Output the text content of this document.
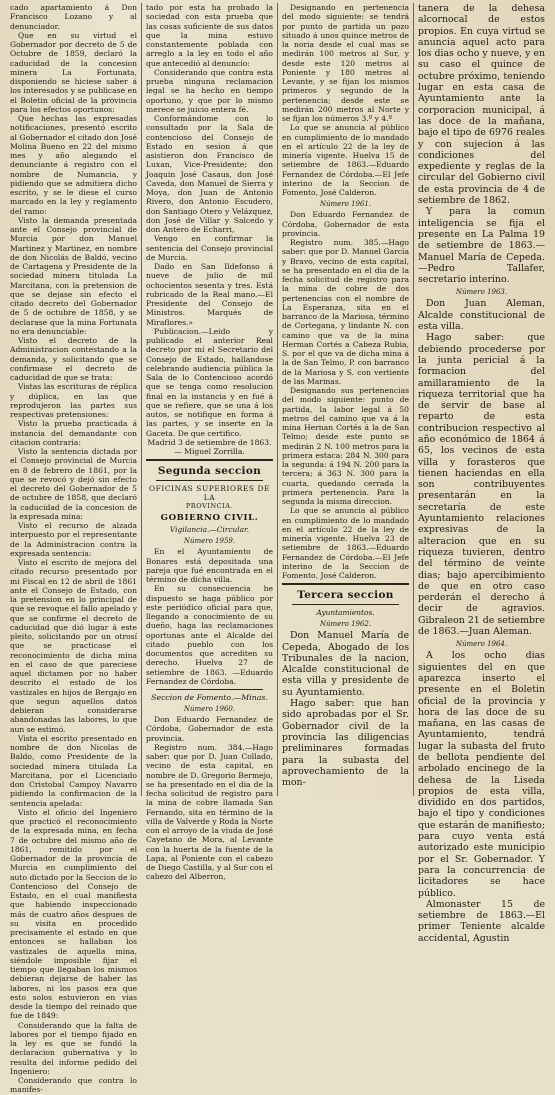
cado apartamiento á Don Francisco Lozano y al denunciador.

Que en su virtud el Gobernador por decreto de 5 de Octubre de 1859, declaró la caducidad de la concesion minera La Fortunata, disponiendo se hiciese saber á los interesados y se publicase en el Boletin oficial de la provincia para los efectos oportunos:

Que hechas las expresadas notificaciones, presentó escrito al Gobernador el citado don José Molina Bueno en 22 del mismo mes y año alegando el denunciante á registro con el nombre de Numancia, y pidiendo que se admitiera dicho escrito, y se le diese el curso marcado en la ley y reglamento del ramo:

Visto la demanda presentada ante el Consejo provincial de Murcia por don Manuel Martinez y Martinez, en nombre de don Nicolás de Baldó, vecino de Cartagena y Presidente de la sociedad minera titulada La Marcitana, con la pretension de que se dejase sin efecto el citado decreto del Gobernador de 5 de octubre de 1858, y se declarase que la mina Fortunata no era denunciable:

Visto el decreto de la Administracion contestando a la demanda, y solicitando que se confirmase el decreto de caducidad de que se trata:

Vistas las escrituras de réplica y dúplica, en las que reprodujeron las partes sus respectivas pretensiones:

Visto la prueba practicada á instancia del demandante con citacion contraria:

Visto la sentencia dictada por el Consejo provincial de Murcia en 8 de febrero de 1861, por la que se revocó y dejó sin efecto el decreto del Gobernador de 5 de octubre de 1858, que declaró la caducidad de la concesion de la expresada mina:

Visto el recurso de alzada interpuesto por el representante de la Administracion contra la expresada sentencia:

Visto el escrito de mejora del citado recurso presentado por mi Fiscal en 12 de abril de 1861 ante el Consejo de Estado, con la pretension en lo principal de que se revoque el fallo apelado y que se confirme el decreto de caducidad que dió lugar á este pleito, solicitando por un otrosí que se practicase el reconocimiento de dicha mina en el caso de que pareciese aquel dictamen por no haber descrito el estado de los vastizales en hijos de Bergajo en que segun aquellos datos debieran considerarse abandonadas las labores, lo que aun se estimó.

Vista el escrito presentado en nombre de don Nicolas de Baldo, como Presidente de la sociedad minera titulada La Marcitana, por el Licenciado don Cristobal Campoy Navarro pidiendo la confirmacion de la sentencia apelada:

Visto el oficio del Ingeniero que practicó el reconocimiento de la expresada mina, en fecha 7 de octubre del mismo año de 1861, remitido por el Gobernador de la provincia de Murcia en cumplimiento del auto dictado por la Seccion de lo Contencioso del Consejo de Estado, en el cual manifiesta que habiendo inspeccionado más de cuatro años despues de su visita en procedido precisamente el estado en que entonces se hallaban los vastizales de aquella mina, siéndole imposible fijar el tiempo que llegaban los mismos debieran dejarse de haber las labores, ni los pasos era que esto solos estuvieron en vias desde la tiempo del reinado que fue de 1849:

Considerando que la falta de labores por el tiempo fijado en la ley es que se fundó la declaracion gubernativa y lo resulta del informe pedido del Ingeniero:

Considerando que contra lo manifes-

tado por esta ha probado la sociedad con esta prueba que las cosas suficiente de sus datos que la mina estuvo constantemente poblada con arreglo a la ley en todo el año que antecedió al denuncio:

Considerando que contra esta prueba ninguna reclamacion legal se ha hecho en tiempo oportuno, y que por lo mismo merece se juicio entera fé.

Conformándome con lo consultado por la Sala de contencioso del Consejo de Estado en sesion á que asistieron don Francisco de Luxan, Vice-Presidente; don Joaquin José Casaus, don José Caveda, don Manuel de Sierra y Moya, don Juan de Antonio Rivero, don Antonio Escudero, don Santiago Otero y Velázquez, don José de Villar y Salcedo y don Antero de Echarri,

Vengo en confirmar la sentencia del Consejo provincial de Murcia.

Dado en San Ildefonso á nueve de julio de mil ochocientos sesenta y tres. Está rubricado de la Real mano.—El Presidente del Consejo de Ministros. Marqués de Miraflores.»

Publicacion.—Leido y publicado el anterior Real decreto por mí el Secretario del Consejo de Estado, hallandose celebrando audiencia pública la Sala de lo Contencioso acordó que se tenga como resolucion final en la instancia y en fué á que se refiere, que se una á los autos, se notifique en forma á las partes, y se inserte en la Gaceta. De que certifico.

Madrid 3 de setiembre de 1863.— Miguel Zorrilla.

Segunda seccion
OFICINAS SUPERIORES DE LA
PROVINCIA.
GOBIERNO CIVIL.
Vigilancia.—Circular.
Número 1959.

En el Ayuntamiento de Bonares está depositada una pareja que fué encontrada en el término de dicha villa.

En su consecuencia he dispuesto se haga público por este periódico oficial para que, llegando a conocimiento de su dueño, haga las reclamaciones oportunas ante el Alcalde del citado pueblo con los documentos que acrediten su derecho. Huelva 27 de setiembre de 1863. —Eduardo Fernandez de Córdoba.

Seccion de Fomento.—Minas.
Número 1960.

Don Eduardo Fernandez de Córdoba, Gobernador de esta provincia.

Registro num. 384.—Hago saber: que por D. Juan Collado, vecino de esta capital, en nombre de D. Gregorio Bermejo, se ha presentado en el dia de la fecha solicitud de registro para la mina de cobre llamada San Fernando, sita en término de la villa de Valverde y Roda la Norte con el arroyo de la viuda de José Cayetano de Mora, al Levante con la huerta de la fuente de la Lapa, al Poniente con el cabezo de Diego Castilla, y al Sur con el cabezo del Alberron,

Designando en pertenencia del modo siguiente: se tendrá por punto de partida un pozo situado á unos quince metros de la noria desde el cual mas se medirán 100 metros al Sur, y desde este 120 metros al Poniente y 180 metros al Levante, y se fijan los mismos primeros y segundo de la pertenencia; desde este se medirán 200 metros al Norte y se fijan los números 3.º y 4.º

Lo que se anuncia al público en cumplimiento de lo mandado en el artículo 22 de la ley de minería vigente. Huelva 15 de setiembre de 1863.—Eduardo Fernandez de Córdoba.—El Jefe interino de la Seccion de Fomento, José Calderon.

Número 1961.

Don Eduardo Fernandez de Córdoba, Gobernador de esta provincia.

Registro num. 385.—Hago saber: que por D. Manuel García y Bravo, vecino de esta capital, se ha presentado en el dia de la fecha solicitud de registro para la mina de cobre de dos pertenencias con el nombre de La Esperanza, sita en el barranco de la Mariosa, término de Cortegana, y lindante N. con camino que va de la mina Herman Cortés a Cabeza Rubia, S. por el que va de dicha mina á la de San Telmo, P. con barranco de la Mariosa y S. con vertiente de las Marinas.

Designando sus pertenencias del modo siguiente: punto de partida, la labor legal á 50 metros del camino que va á la mina Hernan Cortés á la de San Telmo; desde este punto se medirán 2 N. 100 metros para la primera estaca: 284 N. 300 para la segunda: á 194 N. 200 para la tercera; á 363 N. 300 para la cuarta, quedando cerrada la primera pertenencia. Para la segunda la misma direccion.

Lo que se anuncia al público en cumplimiento de lo mandado en el artículo 22 de la ley de minería vigente. Huelva 23 de setiembre de 1863.—Eduardo Fernandez de Córdoba.—El Jefe interino de la Seccion de Fomento, José Calderon.

Tercera seccion
Ayuntamientos.
Número 1962.

Don Manuel María de Cepeda, Abogado de los Tribunales de la nacion, Alcalde constitucional de esta villa y presidente de su Ayuntamiento.

Hago saber: que han sido aprobadas por el Sr. Gobernador civil de la provincia las diligencias preliminares formadas para la subasta del aprovechamiento de la mon-

tanera de la dehesa alcornocal de estos propios. En cuya virtud se anuncia aquel acto para los dias ocho y nueve, y en su caso el quince de octubre próximo, teniendo lugar en esta casa de Ayuntamiento ante la corporacion municipal, á las doce de la mañana, bajo el tipo de 6976 reales y con sujecion á las condiciones del expediente y reglas de la circular del Gobierno civil de esta provincia de 4 de setiembre de 1862.

Y para la comun inteligencia se fija el presente en La Palma 19 de setiembre de 1863.—Manuel María de Cepeda.—Pedro Tallafer, secretario interino.

Número 1963.

Don Juan Aleman, Alcalde constitucional de esta villa.

Hago saber: que debiendo procederse por la junta pericial á la formacion del amillaramiento de la riqueza territorial que ha de servir de base al reparto de esta contribucion respectivo al año económico de 1864 á 65, los vecinos de esta villa y forasteros que tienen haciendas en ella son contribuyentes presentarán en la secretaría de este Ayuntamiento relaciones expresivas de la alteracion que en su riqueza tuvieren, dentro del término de veinte dias; bajo apercibimiento de que en otro caso perderán el derecho á decir de agravios. Gibraleon 21 de setiembre de 1863.—Juan Aleman.

Número 1964.

A los ocho dias siguientes del en que aparezca inserto el presente en el Boletin oficial de la provincia y hora de las doce de su mañana, en las casas de Ayuntamiento, tendrá lugar la subasta del fruto de bellota pendiente del arbolado encinego de la dehesa de la Liseda propios de esta villa, dividido en dos partidos, bajo el tipo y condiciones que estarán de manifiesto; para cuyo venta está autorizado este municipio por el Sr. Gobernador. Y para la concurrencia de licitadores se hace público.

Almonaster 15 de setiembre de 1863.—El primer Teniente alcalde accidental, Agustin
